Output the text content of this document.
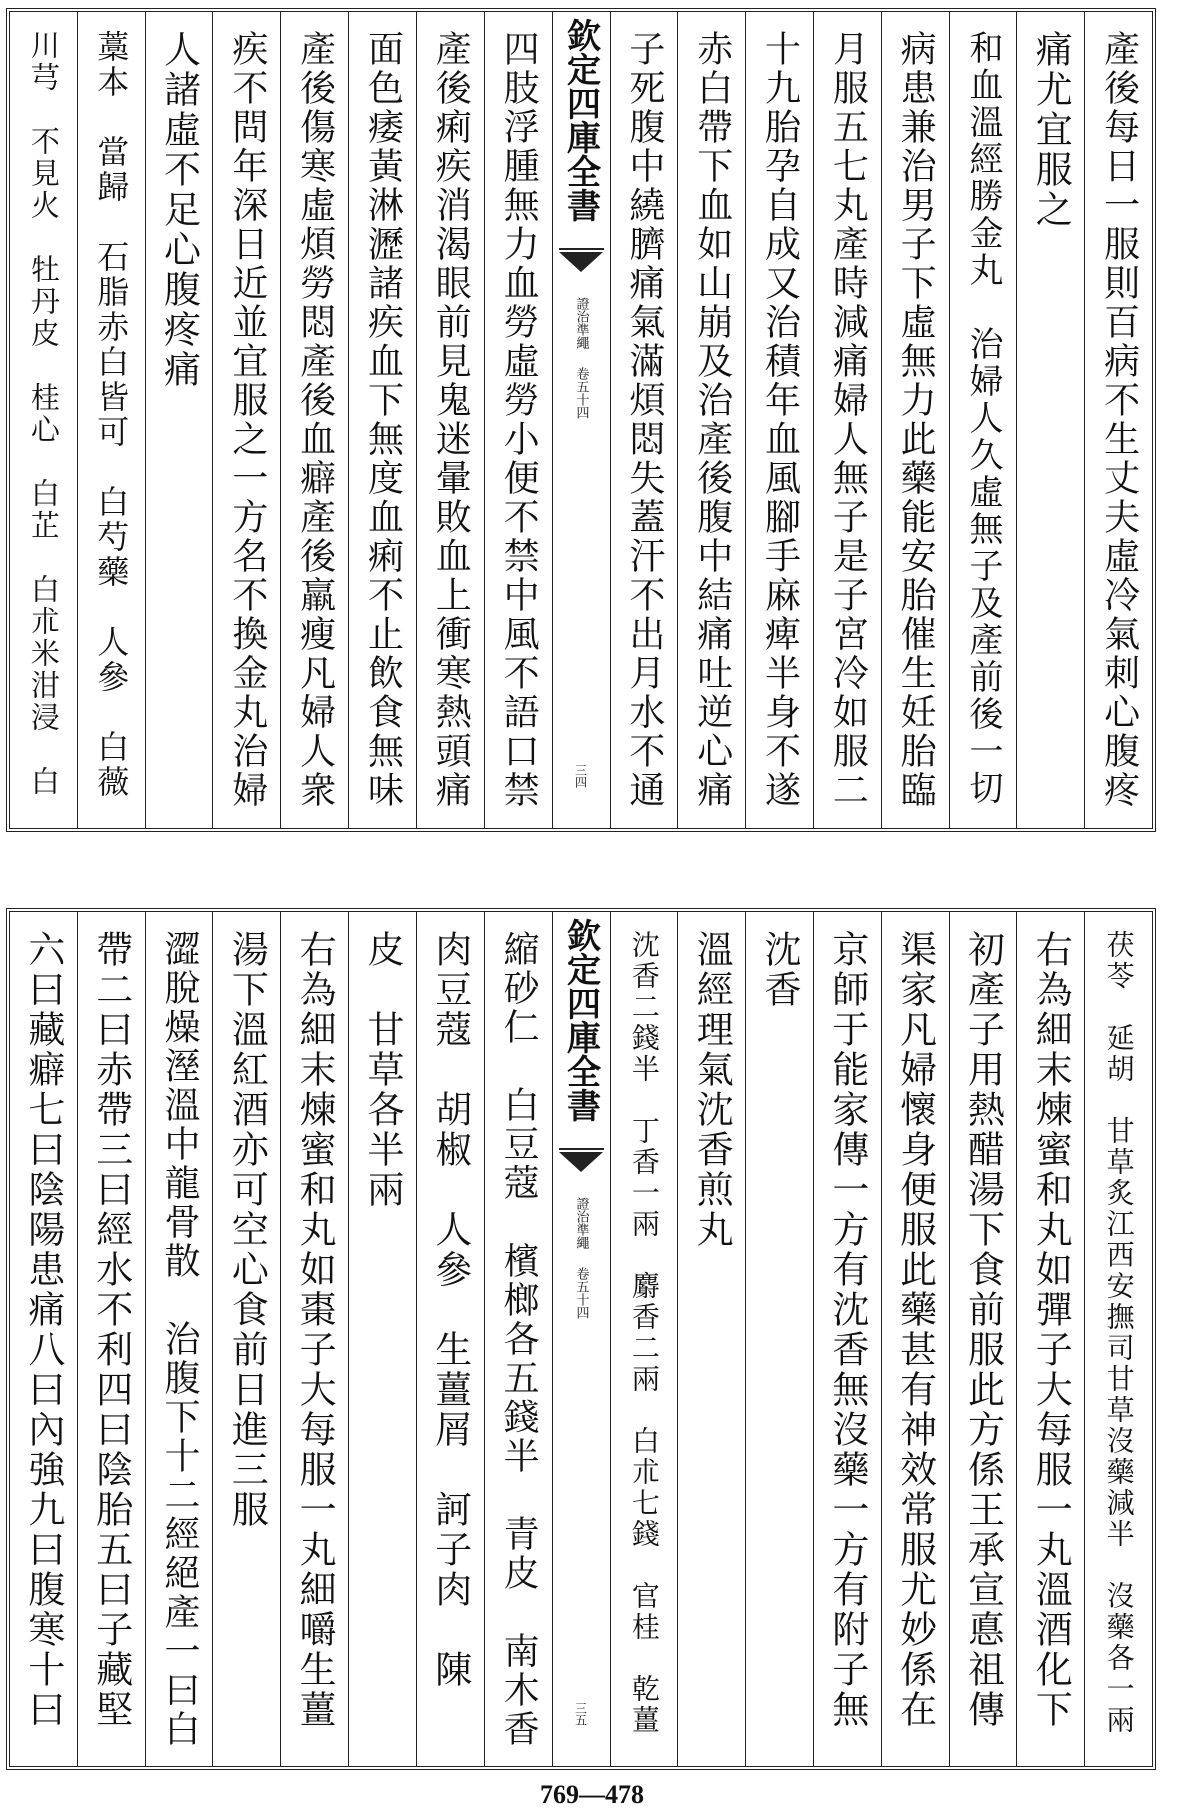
產後每日一服則百病不生丈夫虛冷氣刺心腹疼
痛尤宜服之
和血溫經勝金丸　治婦人久虛無子及產前後一切
病患兼治男子下虛無力此藥能安胎催生妊胎臨
月服五七丸產時減痛婦人無子是子宮冷如服二
十九胎孕自成又治積年血風腳手麻痺半身不遂
赤白帶下血如山崩及治產後腹中結痛吐逆心痛
子死腹中繞臍痛氣滿煩悶失蓋汗不出月水不通
欽定四庫全書
證治準繩
卷五十四
三四
四肢浮腫無力血勞虛勞小便不禁中風不語口禁
產後痢疾消渴眼前見鬼迷暈敗血上衝寒熱頭痛
面色痿黃淋瀝諸疾血下無度血痢不止飲食無味
產後傷寒虛煩勞悶產後血癖產後羸瘦凡婦人衆
疾不問年深日近並宜服之一方名不換金丸治婦
人諸虛不足心腹疼痛
藁本　當歸　石脂赤白皆可　白芍藥　人參　白薇
川芎　不見火　牡丹皮　桂心　白芷　白朮米泔浸　白
茯苓　延胡　甘草炙江西安撫司甘草沒藥減半　沒藥各一兩
右為細末煉蜜和丸如彈子大每服一丸溫酒化下
初產子用熱醋湯下食前服此方係王承宣悳祖傳
渠家凡婦懷身便服此藥甚有神效常服尤妙係在
京師于能家傳一方有沈香無沒藥一方有附子無
沈香
溫經理氣沈香煎丸
沈香二錢半　丁香一兩　麝香二兩　白朮七錢　官桂　乾薑
欽定四庫全書
證治準繩
卷五十四
三五
縮砂仁　白豆蔻　檳榔各五錢半　青皮　南木香
肉豆蔻　胡椒　人參　生薑屑　訶子肉　陳
皮　甘草各半兩
右為細末煉蜜和丸如棗子大每服一丸細嚼生薑
湯下溫紅酒亦可空心食前日進三服
澀脫燥溼溫中龍骨散　治腹下十二經絕產一曰白
帶二曰赤帶三曰經水不利四曰陰胎五曰子藏堅
六曰藏癖七曰陰陽患痛八曰內強九曰腹寒十曰
769—478
